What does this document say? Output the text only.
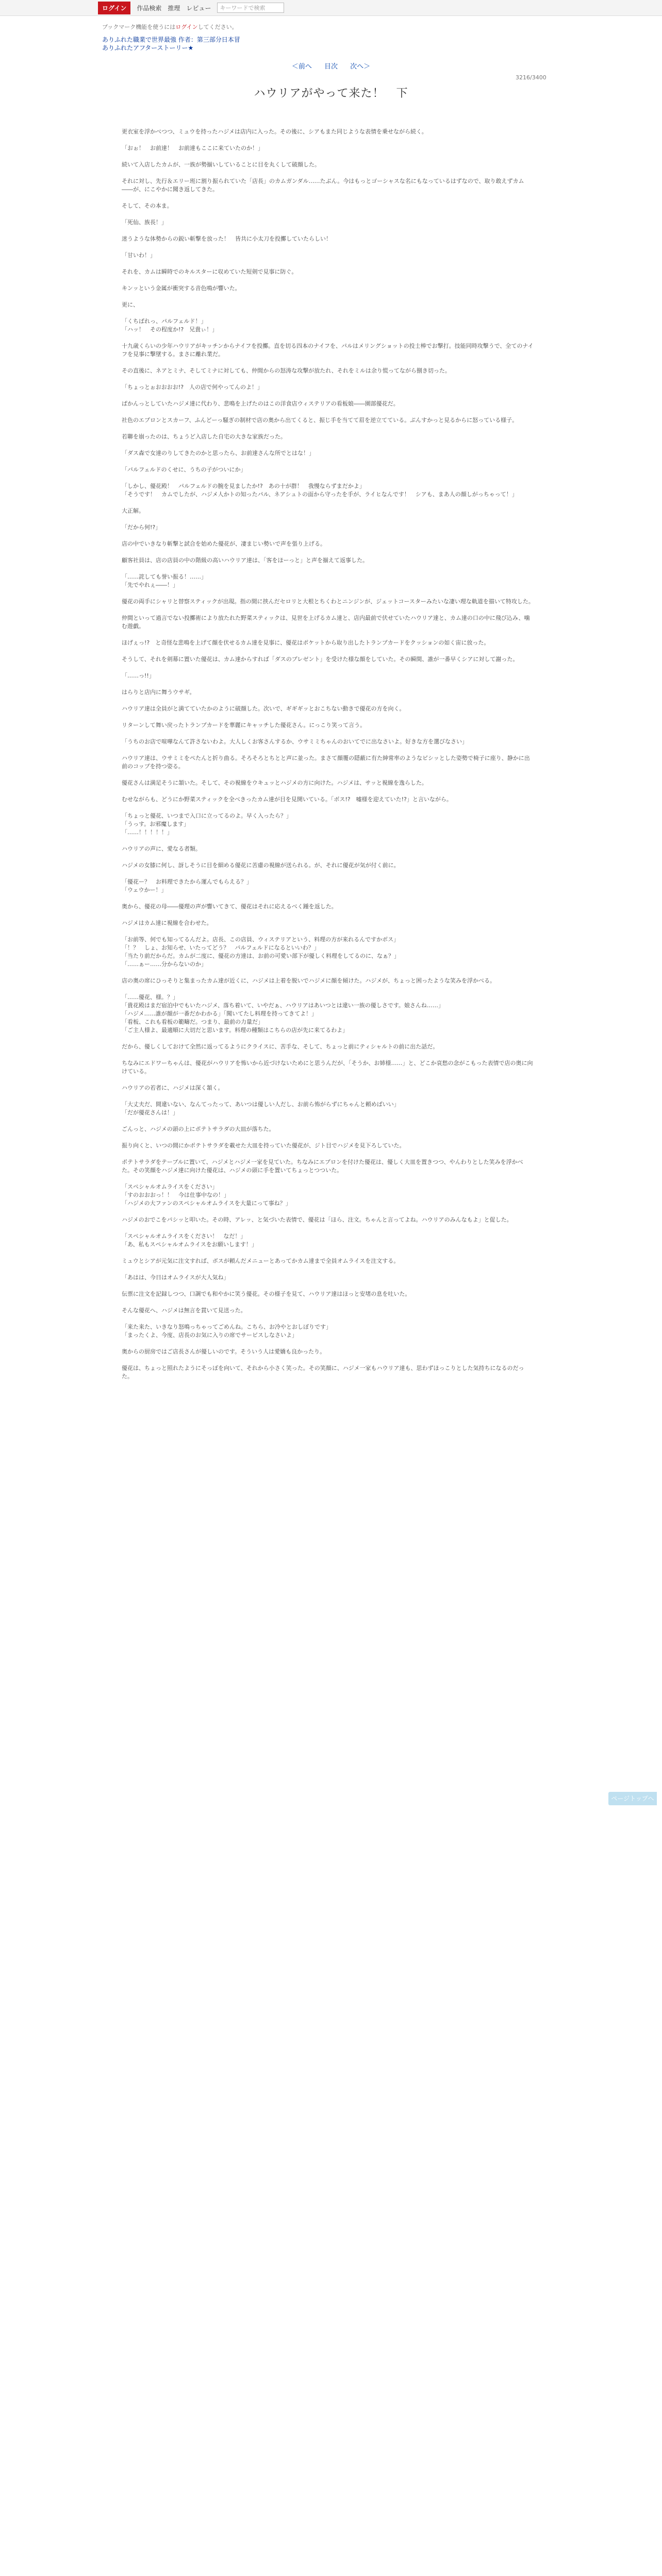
ログイン	作品検索 推理 レビュー
キーワードで検索
ブックマーク機能を使うにはログインしてください。
ありふれた職業で世界最強 作者：第三部分日本冒
ありふれたアフターストーリー★
＜前へ 目次 次へ＞
3216/3400
ハウリアがやって来た！　下

更衣室を浮かべつつ、ミュウを持ったハジメは店内に入った。その後に、シアもまた同じような表情を乗せながら続く。

「おぉ！　お前達！　お前達もここに来ていたのか！」

続いて入店したカムが、一族が勢揃いしていることに目を丸くして破顔した。

それに対し、先行＆エリー班に割り振られていた「店長」のカムガンダル……たぶん。今はもっとゴーシャスな名にもなっているはずなので、取り敢えずカム――が、にこやかに聞き返してきた。

そして、その本ま。

「死仙、族長！」

迷うような体勢からの鋭い斬撃を放った！　皆共に小太刀を投擲していたらしい！

「甘いわ！」

それを、カムは瞬時でのキルスターに収めていた短剣で見事に防ぐ。

キンッという金属が衝突する音色鳴が響いた。

更に、

「くちばれっ、パルフェルド！」

「ハッ！　その程度か!?　兄貴ぃ！」

十九歳くらいの少年ハウリアがキッチンからナイフを投擲。直を切る四本のナイフを、パルはメリングショットの投士棒でお撃打。技能同時攻撃うで、全てのナイフを見事に撃墜する。まさに離れ業だ。

その直後に、ネアとミナ、そしてミナに対しても、仲間からの怒涛な攻撃が放たれ、それをミルは余り慌ってながら捌き切った。

「ちょっとぉおおおお!?　人の店で何やってんのよ！」

ぱかんっとしていたハジメ達に代わり、悲鳴を上げたのはこの洋食店ウィステリアの看板娘――園部優花だ。

社色のエプロンとスカーフ、ふんどーっ騒ぎの制材で店の奥から出てくると、振じ手を当てて眉を逆立てている。ぷんすかっと見るからに怒っている様子。

若聯を崩ったのは、ちょうど入店した自宅の大きな家族だった。

「ダス森で女達のりしてきたのかと思ったら、お前達さんな所でとはな！」

「パルフェルドのくせに、うちの子がついにか」

「しかし、優花殿！　パルフェルドの腕を見ましたか!?　あの十が群！　我慢ならずまだかよ」

「そうです！　カムでしたが、ハジメ人かトの知ったパル、ネアシュトの面から守ったを手が、ライヒなんです！　シアも、まあ人の顔しがっちゃって！」

大正解。

「だから何!?」

店の中でいきなり斬撃と試合を始めた優花が、凄まじい勢いで声を張り上げる。

顧客社員は、店の店員の中の階級の高いハウリア達は、「客をほーっと」と声を揃えて返事した。

「……詫しても誉い振る！……」

「先でやれぇ――！」

優花の両手にシャリと替察スティックが出現。指の間に挟んだセロリと大根とちくわとニンジンが、ジェットコースターみたいな凄い理な軌道を描いて特攻した。

仲間といって過言でない投擲術により放たれた野菜スティックは、見世を上げるカム達と、店内最前で伏せていたハウリア達と、カム達の口の中に飛び込み、噛む遊戯。

ほげぇっ!?　と奇怪な悲鳴を上げて顔を伏せるカム達を見事に、優花はポケットから取り出したトランプカードをクッションの如く宙に放った。

そうして、それを剣幕に置いた優花は、カム達からすれば「ダスのプレゼント」を受けた様な顔をしていた。その瞬間、誰が一番早くシアに対して謝った。

「……っ!!」

はらりと店内に舞うウサギ。

ハウリア達は全員がと満てていたかのように破顔した。次いで、ギギギッとおこちない動きで優花の方を向く。

リターンして舞い戻ったトランプカードを華麗にキャッチした優花さん。にっこり笑って言う。

「うちのお店で喧嘩なんて許さないわよ。大人しくお客さんするか、ウサミミちゃんのおいてでに出なさいよ。好きな方を選びなさい」

ハウリア達は、ウサミミをぺたんと折り曲る。そろそろとちとと声に並った。まさて顔覆の隠蔽に有た紳常率のようなピシッとした姿勢で椅子に座り、静かに出前のコップを持つ姿る。

優花さんは満足そうに頷いた。そして、その視線をウキュッとハジメの方に向けた。ハジメは、サッと視線を逸らした。

むせながらも、どうにか野菜スティックを全べきったカム達が目を見開いている。「ボス!?　嘘様を迎えていた!?」と言いながら。

「ちょっと優花、いつまで入口に立ってるのよ。早く入ったら？」

「うっす。お邪魔します」

「……！！！！！」

ハウリアの声に、愛なる者類。

ハジメの女膝に何し、訝しそうに目を細める優花に苦慮の視線が送られる。が、それに優花が気が付く前に。

「優花ー？　お料理できたから運んでもらえる？」

「ウェウかー！」

奥から、優花の母――優理の声が響いてきて、優花はそれに応えるべく踵を返した。

ハジメはカム達に視線を合わせた。

「お前等、何でも知ってるんだよ。店長、この店員、ウィステリアという、料理の方が来れるんですかボス」

「！？　しょ、お知らせ、いたってどう？　パルフェルドになるといいわ？」

「当たり前だからだ。カムが二度に、優花の方達は、お前の可愛い部下が優しく料理をしてるのに、なぁ？」

「……ぁー……分からないのか」

店の奥の席にひっそりと集まったカム達が近くに、ハジメは上着を脱いでハジメに顔を傾けた。ハジメが、ちょっと困ったような笑みを浮かべる。

「……優花、様。？」

「貴花殿はまだ宿泊中でもいたハジメ、落ち着いて、いやだぁ、ハウリアはあいつとは違い一族の優しさです。娘さんね……」

「ハジメ……誰が顔が一番だかわかる」「聞いてたし料理を持ってきてよ！」

「看板、これも看板の範疇だ。つまり、最前の力量だ」

「ご主人様よ、最適順に大切だと思います。料理の種類はこちらの店が先に来てるわよ」

だから、優しくしておけて全然に返ってるようにクライスに、苦手な、そして、ちょっと前にティシャルトの前に出た話だ。

ちなみにエドワーちゃんは、優花がハウリアを怖いから近づけないためにと思うんだが、「そうか、お姉様……」と、どこか哀愁の念がこもった表情で店の奥に向けている。

ハウリアの若者に、ハジメは深く頷く。

「大丈夫だ、間違いない、なんてったって、あいつは優しい人だし、お前ら怖がらずにちゃんと頼めばいい」

「だが優花さんは！」

ごんっと、ハジメの頭の上にポテトサラダの大皿が落ちた。

振り向くと、いつの間にかポテトサラダを載せた大皿を持っていた優花が、ジト目でハジメを見下ろしていた。

ポテトサラダをテーブルに置いて、ハジメとハジメ一家を見ていた。ちなみにエプロンを付けた優花は、優しく大皿を置きつつ、やんわりとした笑みを浮かべた。その笑顔をハジメ達に向けた優花は、ハジメの頭に手を置いてちょっとつついた。

「スペシャルオムライスをください」

「すのおおおっ！！　今は仕事中なの！」

「ハジメの大ファンのスペシャルオムライスを大量にって事ね？」

ハジメのおでこをパシッと叩いた。その時、アレッ、と気づいた表情で、優花は「ほら、注文。ちゃんと言ってよね。ハウリアのみんなもよ」と促した。

「スペシャルオムライスをください！　なだ！」

「あ、私もスペシャルオムライスをお願いします！」

ミュウとシアが元気に注文すれば、ボスが頼んだメニューとあってかカム達まで全員オムライスを注文する。

「あはは、今日はオムライスが大人気ね」

伝票に注文を記録しつつ、口調でも和やかに笑う優花。その様子を見て、ハウリア達はほっと安堵の息を吐いた。

そんな優花へ、ハジメは無言を貫いて見送った。

「来た来た、いきなり怒鳴っちゃってごめんね。こちら、お冷やとおしぼりです」

「まったくよ、今度、店長のお気に入りの席でサービスしなさいよ」

奥からの厨房ではご店長さんが優しいのです。そういう人は愛嬌も良かったり。

優花は、ちょっと照れたようにそっぽを向いて、それから小さく笑った。その笑顔に、ハジメ一家もハウリア達も、思わずほっこりとした気持ちになるのだった。

ページトップへ
